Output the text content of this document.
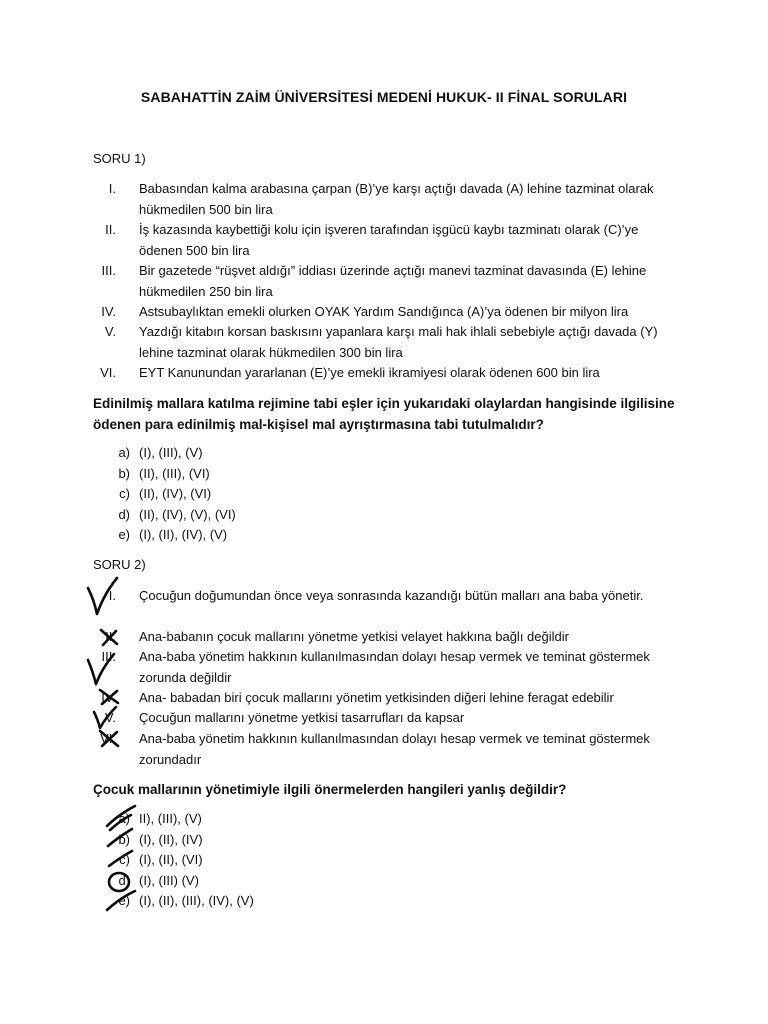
SABAHATTİN ZAİM ÜNİVERSİTESİ MEDENİ HUKUK- II FİNAL SORULARI
SORU 1)
I. Babasından kalma arabasına çarpan (B)’ye karşı açtığı davada (A) lehine tazminat olarak hükmedilen 500 bin lira
II. İş kazasında kaybettiği kolu için işveren tarafından işgücü kaybı tazminatı olarak (C)’ye ödenen 500 bin lira
III. Bir gazetede “rüşvet aldığı” iddiası üzerinde açtığı manevi tazminat davasında (E) lehine hükmedilen 250 bin lira
IV. Astsubaylıktan emekli olurken OYAK Yardım Sandığınca (A)’ya ödenen bir milyon lira
V. Yazdığı kitabın korsan baskısını yapanlara karşı mali hak ihlali sebebiyle açtığı davada (Y) lehine tazminat olarak hükmedilen 300 bin lira
VI. EYT Kanunundan yararlanan (E)’ye emekli ikramiyesi olarak ödenen 600 bin lira
Edinilmiş mallara katılma rejimine tabi eşler için yukarıdaki olaylardan hangisinde ilgilisine ödenen para edinilmiş mal-kişisel mal ayrıştırmasına tabi tutulmalıdır?
a) (I), (III), (V)
b) (II), (III), (VI)
c) (II), (IV), (VI)
d) (II), (IV), (V), (VI)
e) (I), (II), (IV), (V)
SORU 2)
I. Çocuğun doğumundan önce veya sonrasında kazandığı bütün malları ana baba yönetir.
II. Ana-babanın çocuk mallarını yönetme yetkisi velayet hakkına bağlı değildir
III. Ana-baba yönetim hakkının kullanılmasından dolayı hesap vermek ve teminat göstermek zorunda değildir
IV. Ana- babadan biri çocuk mallarını yönetim yetkisinden diğeri lehine feragat edebilir
V. Çocuğun mallarını yönetme yetkisi tasarrufları da kapsar
VI. Ana-baba yönetim hakkının kullanılmasından dolayı hesap vermek ve teminat göstermek zorundadır
Çocuk mallarının yönetimiyle ilgili önermelerden hangileri yanlış değildir?
a) II), (III), (V)
b) (I), (II), (IV)
c) (I), (II), (VI)
d) (I), (III) (V)
e) (I), (II), (III), (IV), (V)
